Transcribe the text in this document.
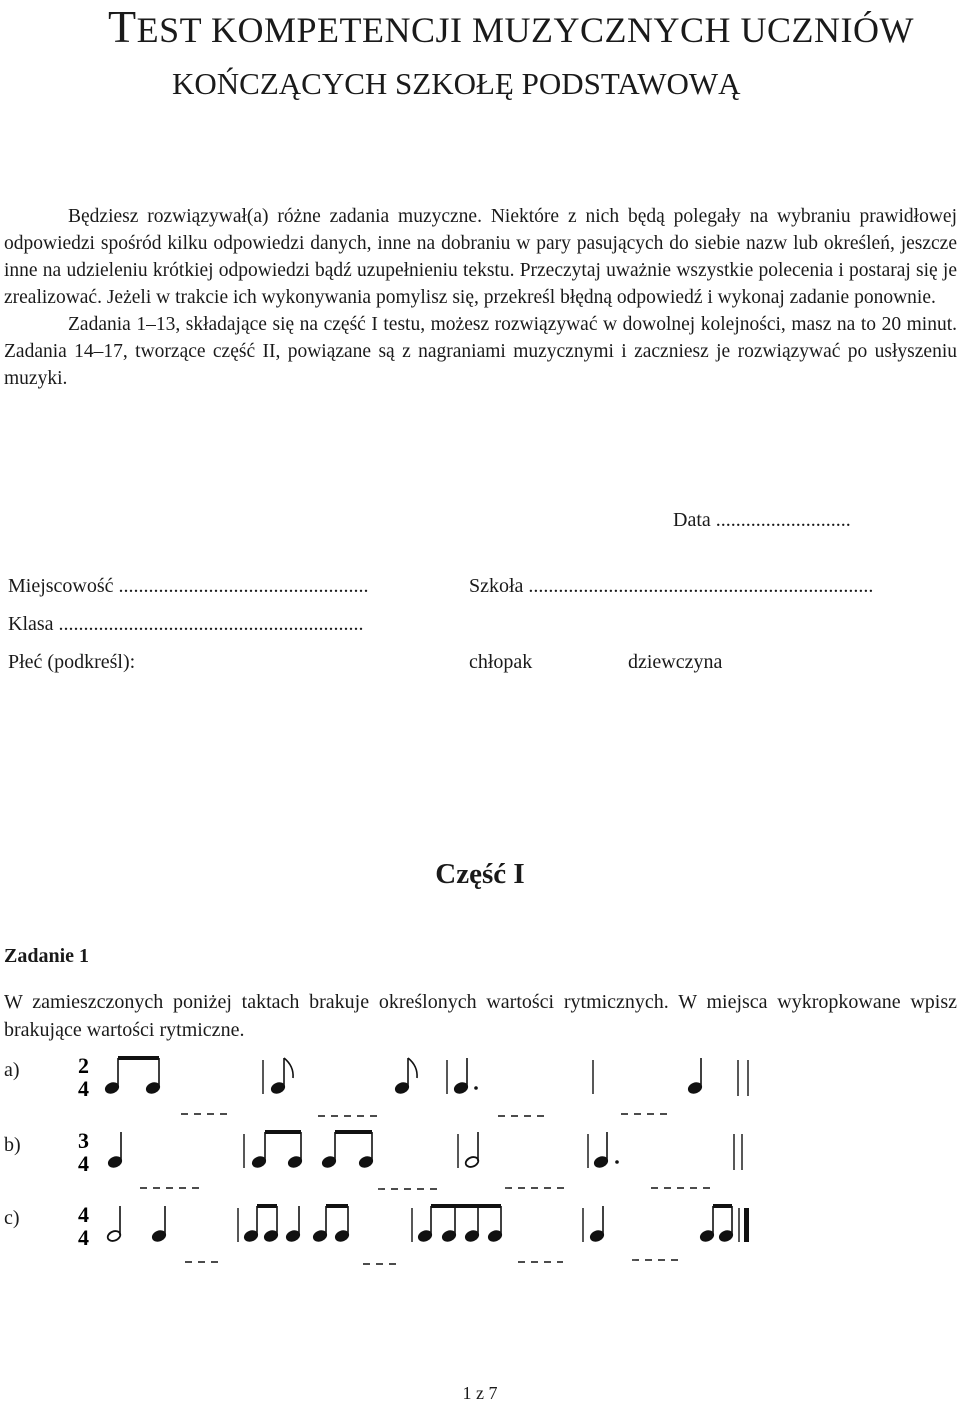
TEST KOMPETENCJI MUZYCZNYCH UCZNIÓW
KOŃCZĄCYCH SZKOŁĘ PODSTAWOWĄ

Będziesz rozwiązywał(a) różne zadania muzyczne. Niektóre z nich będą polegały na wybraniu prawidłowej odpowiedzi spośród kilku odpowiedzi danych, inne na dobraniu w pary pasujących do siebie nazw lub określeń, jeszcze inne na udzieleniu krótkiej odpowiedzi bądź uzupełnieniu tekstu. Przeczytaj uważnie wszystkie polecenia i postaraj się je zrealizować. Jeżeli w trakcie ich wykonywania pomylisz się, przekreśl błędną odpowiedź i wykonaj zadanie ponownie.

Zadania 1–13, składające się na część I testu, możesz rozwiązywać w dowolnej kolejności, masz na to 20 minut. Zadania 14–17, tworzące część II, powiązane są z nagraniami muzycznymi i zaczniesz je rozwiązywać po usłyszeniu muzyki.

Data ...........................
Miejscowość ..................................................	Szkoła .....................................................................
Klasa .............................................................
Płeć (podkreśl):	chłopak	dziewczyna
Część I
Zadanie 1

W zamieszczonych poniżej taktach brakuje określonych wartości rytmicznych. W miejsca wykropkowane wpisz brakujące wartości rytmiczne.

a)
b)
c)
2
4
3
4
4
4
1 z 7
